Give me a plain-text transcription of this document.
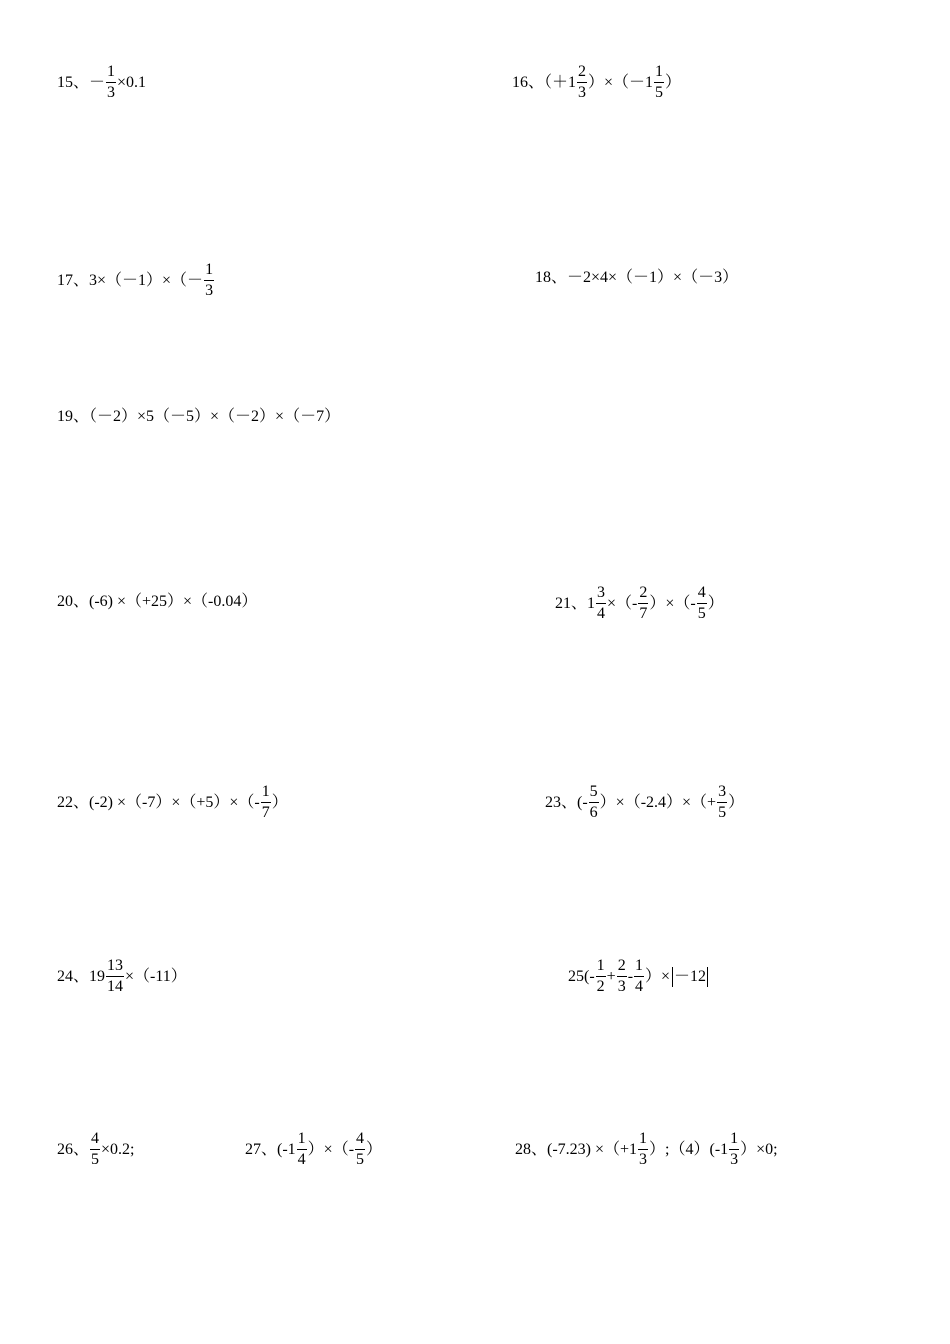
15、－ $\frac{1}{3} \times 0.1$	16、$(+1 \frac{2}{3} )\times(-1 \frac{1}{5}$ ）
17、$3\times(-1)\times(- \frac{1}{3}$	18、－2×4×（－1）×（－3）
19、（－2）×5（－5）×（－2）×（－7）
20、(-6) ×（+25）×（-0.04）	21、$1 \frac{3}{4}$ ×（- $\frac{2}{7}$ ）×（- $\frac{4}{5}$ ）
22、$(-2) \times(-7)\times(+5)\times(- \frac{1}{7}$ ）	23、(- $\frac{5}{6} )\times(-2.4)\times(+ \frac{3}{5}$ ）
24、$19 \frac{13}{14} \times(-11)$	$25(- \frac{1}{2} + \frac{2}{3} - \frac{1}{4}$ ）× －12
26、 $\frac{4}{5} \times 0.2$;	27、($-1 \frac{1}{4}$ ）×（- $\frac{4}{5}$ ）	28、$(-7.23) \times(+1 \frac{1}{3}$ ）;（4）(-1 $\frac{1}{3} )\times 0$;
